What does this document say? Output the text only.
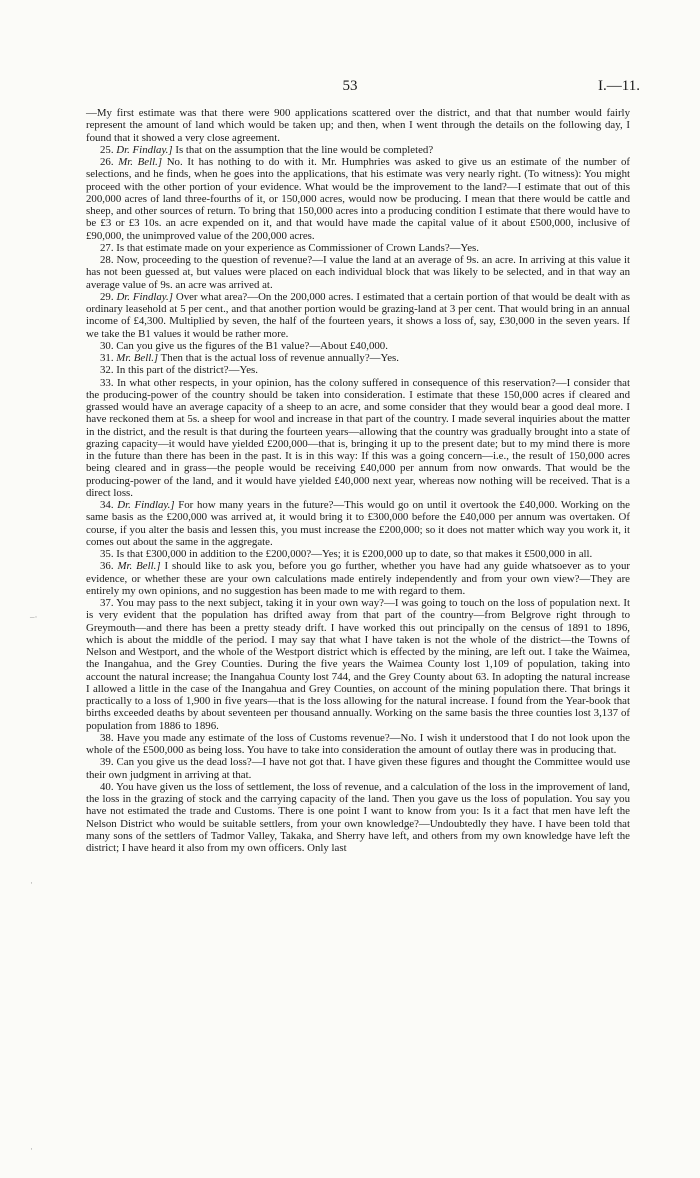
53	I.—11.
–·
·
·

—My first estimate was that there were 900 applications scattered over the district, and that that number would fairly represent the amount of land which would be taken up; and then, when I went through the details on the following day, I found that it showed a very close agreement.

25. Dr. Findlay.] Is that on the assumption that the line would be completed?

26. Mr. Bell.] No. It has nothing to do with it. Mr. Humphries was asked to give us an estimate of the number of selections, and he finds, when he goes into the applications, that his estimate was very nearly right. (To witness): You might proceed with the other portion of your evidence. What would be the improvement to the land?—I estimate that out of this 200,000 acres of land three-fourths of it, or 150,000 acres, would now be producing. I mean that there would be cattle and sheep, and other sources of return. To bring that 150,000 acres into a producing condition I estimate that there would have to be £3 or £3 10s. an acre expended on it, and that would have made the capital value of it about £500,000, inclusive of £90,000, the unimproved value of the 200,000 acres.

27. Is that estimate made on your experience as Commissioner of Crown Lands?—Yes.

28. Now, proceeding to the question of revenue?—I value the land at an average of 9s. an acre. In arriving at this value it has not been guessed at, but values were placed on each individual block that was likely to be selected, and in that way an average value of 9s. an acre was arrived at.

29. Dr. Findlay.] Over what area?—On the 200,000 acres. I estimated that a certain portion of that would be dealt with as ordinary leasehold at 5 per cent., and that another portion would be grazing-land at 3 per cent. That would bring in an annual income of £4,300. Multiplied by seven, the half of the fourteen years, it shows a loss of, say, £30,000 in the seven years. If we take the B1 values it would be rather more.

30. Can you give us the figures of the B1 value?—About £40,000.

31. Mr. Bell.] Then that is the actual loss of revenue annually?—Yes.

32. In this part of the district?—Yes.

33. In what other respects, in your opinion, has the colony suffered in consequence of this reservation?—I consider that the producing-power of the country should be taken into consideration. I estimate that these 150,000 acres if cleared and grassed would have an average capacity of a sheep to an acre, and some consider that they would bear a good deal more. I have reckoned them at 5s. a sheep for wool and increase in that part of the country. I made several inquiries about the matter in the district, and the result is that during the fourteen years—allowing that the country was gradually brought into a state of grazing capacity—it would have yielded £200,000—that is, bringing it up to the present date; but to my mind there is more in the future than there has been in the past. It is in this way: If this was a going concern—i.e., the result of 150,000 acres being cleared and in grass—the people would be receiving £40,000 per annum from now onwards. That would be the producing-power of the land, and it would have yielded £40,000 next year, whereas now nothing will be received. That is a direct loss.

34. Dr. Findlay.] For how many years in the future?—This would go on until it overtook the £40,000. Working on the same basis as the £200,000 was arrived at, it would bring it to £300,000 before the £40,000 per annum was overtaken. Of course, if you alter the basis and lessen this, you must increase the £200,000; so it does not matter which way you work it, it comes out about the same in the aggregate.

35. Is that £300,000 in addition to the £200,000?—Yes; it is £200,000 up to date, so that makes it £500,000 in all.

36. Mr. Bell.] I should like to ask you, before you go further, whether you have had any guide whatsoever as to your evidence, or whether these are your own calculations made entirely independently and from your own view?—They are entirely my own opinions, and no suggestion has been made to me with regard to them.

37. You may pass to the next subject, taking it in your own way?—I was going to touch on the loss of population next. It is very evident that the population has drifted away from that part of the country—from Belgrove right through to Greymouth—and there has been a pretty steady drift. I have worked this out principally on the census of 1891 to 1896, which is about the middle of the period. I may say that what I have taken is not the whole of the district—the Towns of Nelson and Westport, and the whole of the Westport district which is effected by the mining, are left out. I take the Waimea, the Inangahua, and the Grey Counties. During the five years the Waimea County lost 1,109 of population, taking into account the natural increase; the Inangahua County lost 744, and the Grey County about 63. In adopting the natural increase I allowed a little in the case of the Inangahua and Grey Counties, on account of the mining population there. That brings it practically to a loss of 1,900 in five years—that is the loss allowing for the natural increase. I found from the Year-book that births exceeded deaths by about seventeen per thousand annually. Working on the same basis the three counties lost 3,137 of population from 1886 to 1896.

38. Have you made any estimate of the loss of Customs revenue?—No. I wish it understood that I do not look upon the whole of the £500,000 as being loss. You have to take into consideration the amount of outlay there was in producing that.

39. Can you give us the dead loss?—I have not got that. I have given these figures and thought the Committee would use their own judgment in arriving at that.

40. You have given us the loss of settlement, the loss of revenue, and a calculation of the loss in the improvement of land, the loss in the grazing of stock and the carrying capacity of the land. Then you gave us the loss of population. You say you have not estimated the trade and Customs. There is one point I want to know from you: Is it a fact that men have left the Nelson District who would be suitable settlers, from your own knowledge?—Undoubtedly they have. I have been told that many sons of the settlers of Tadmor Valley, Takaka, and Sherry have left, and others from my own knowledge have left the district; I have heard it also from my own officers. Only last
